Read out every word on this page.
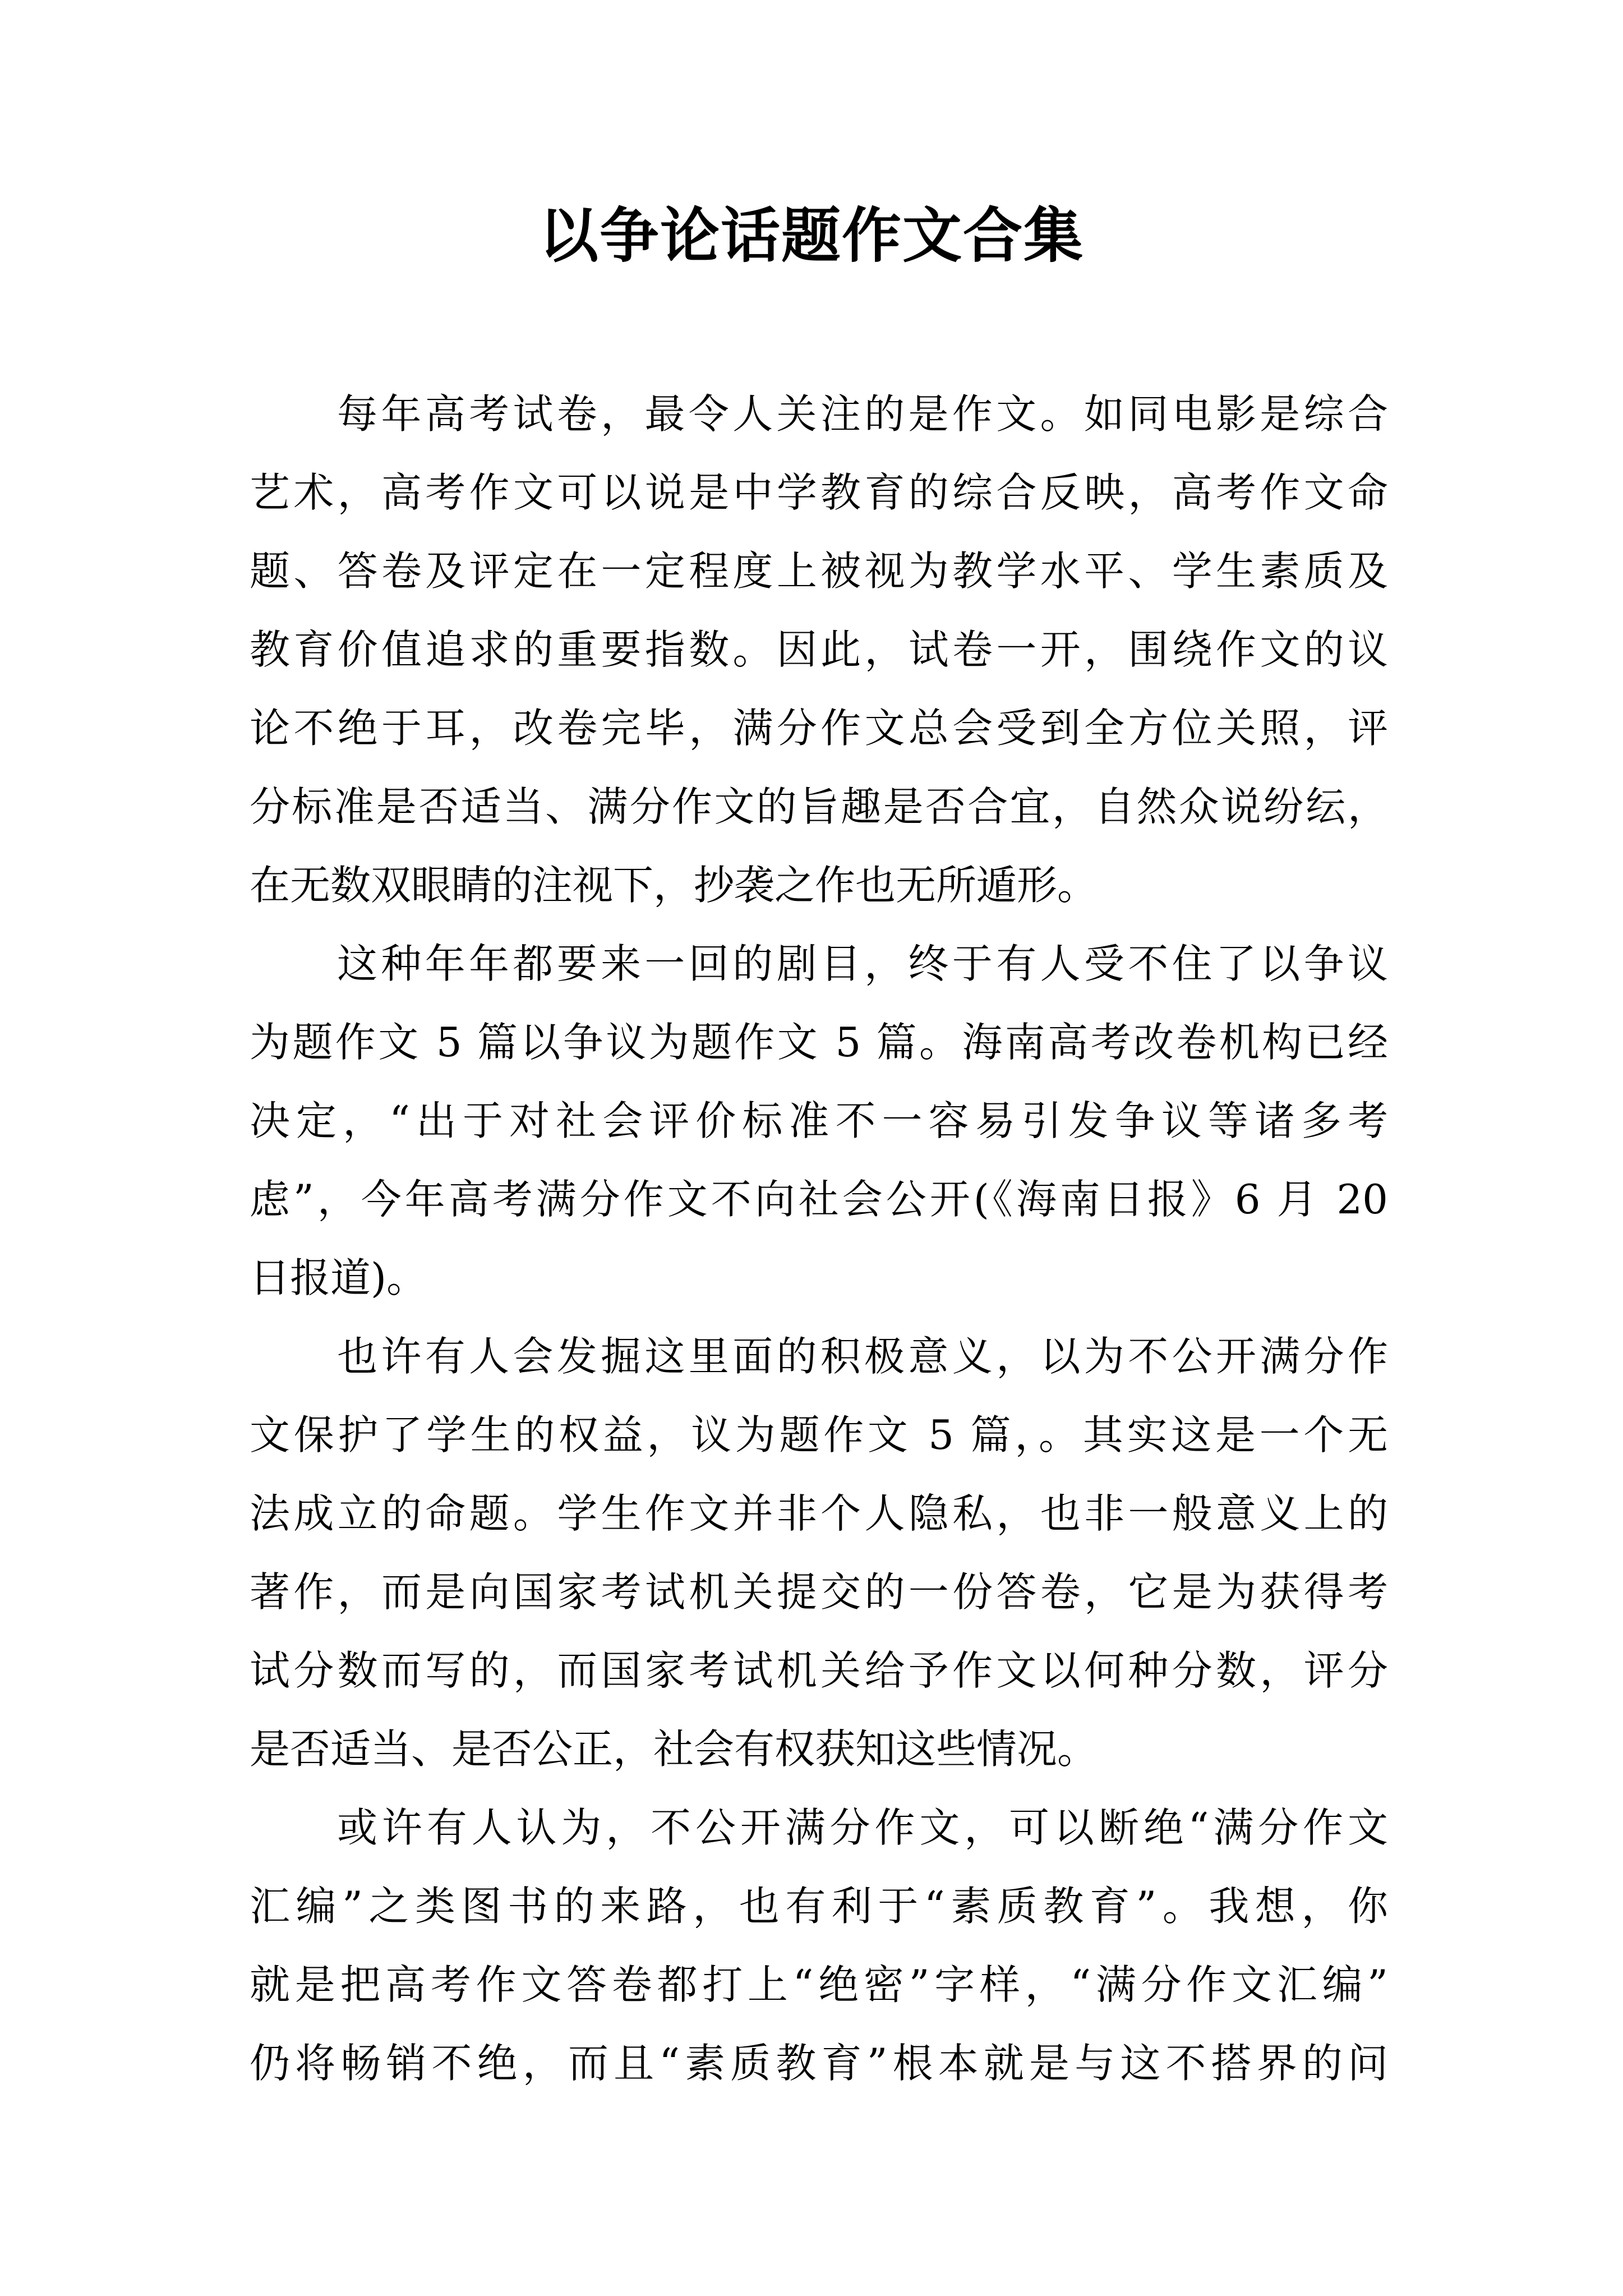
以争论话题作文合集
每年高考试卷，最令人关注的是作文。如同电影是综合
艺术，高考作文可以说是中学教育的综合反映，高考作文命
题、答卷及评定在一定程度上被视为教学水平、学生素质及
教育价值追求的重要指数。因此，试卷一开，围绕作文的议
论不绝于耳，改卷完毕，满分作文总会受到全方位关照，评
分标准是否适当、满分作文的旨趣是否合宜，自然众说纷纭，
在无数双眼睛的注视下，抄袭之作也无所遁形。
这种年年都要来一回的剧目，终于有人受不住了以争议
为题作文 5 篇以争议为题作文 5 篇。海南高考改卷机构已经
决定，“出于对社会评价标准不一容易引发争议等诸多考
虑”，今年高考满分作文不向社会公开(《海南日报》6 月 20
日报道)。
也许有人会发掘这里面的积极意义，以为不公开满分作
文保护了学生的权益，议为题作文 5 篇，。其实这是一个无
法成立的命题。学生作文并非个人隐私，也非一般意义上的
著作，而是向国家考试机关提交的一份答卷，它是为获得考
试分数而写的，而国家考试机关给予作文以何种分数，评分
是否适当、是否公正，社会有权获知这些情况。
或许有人认为，不公开满分作文，可以断绝“满分作文
汇编”之类图书的来路，也有利于“素质教育”。我想，你
就是把高考作文答卷都打上“绝密”字样，“满分作文汇编”
仍将畅销不绝，而且“素质教育”根本就是与这不搭界的问
